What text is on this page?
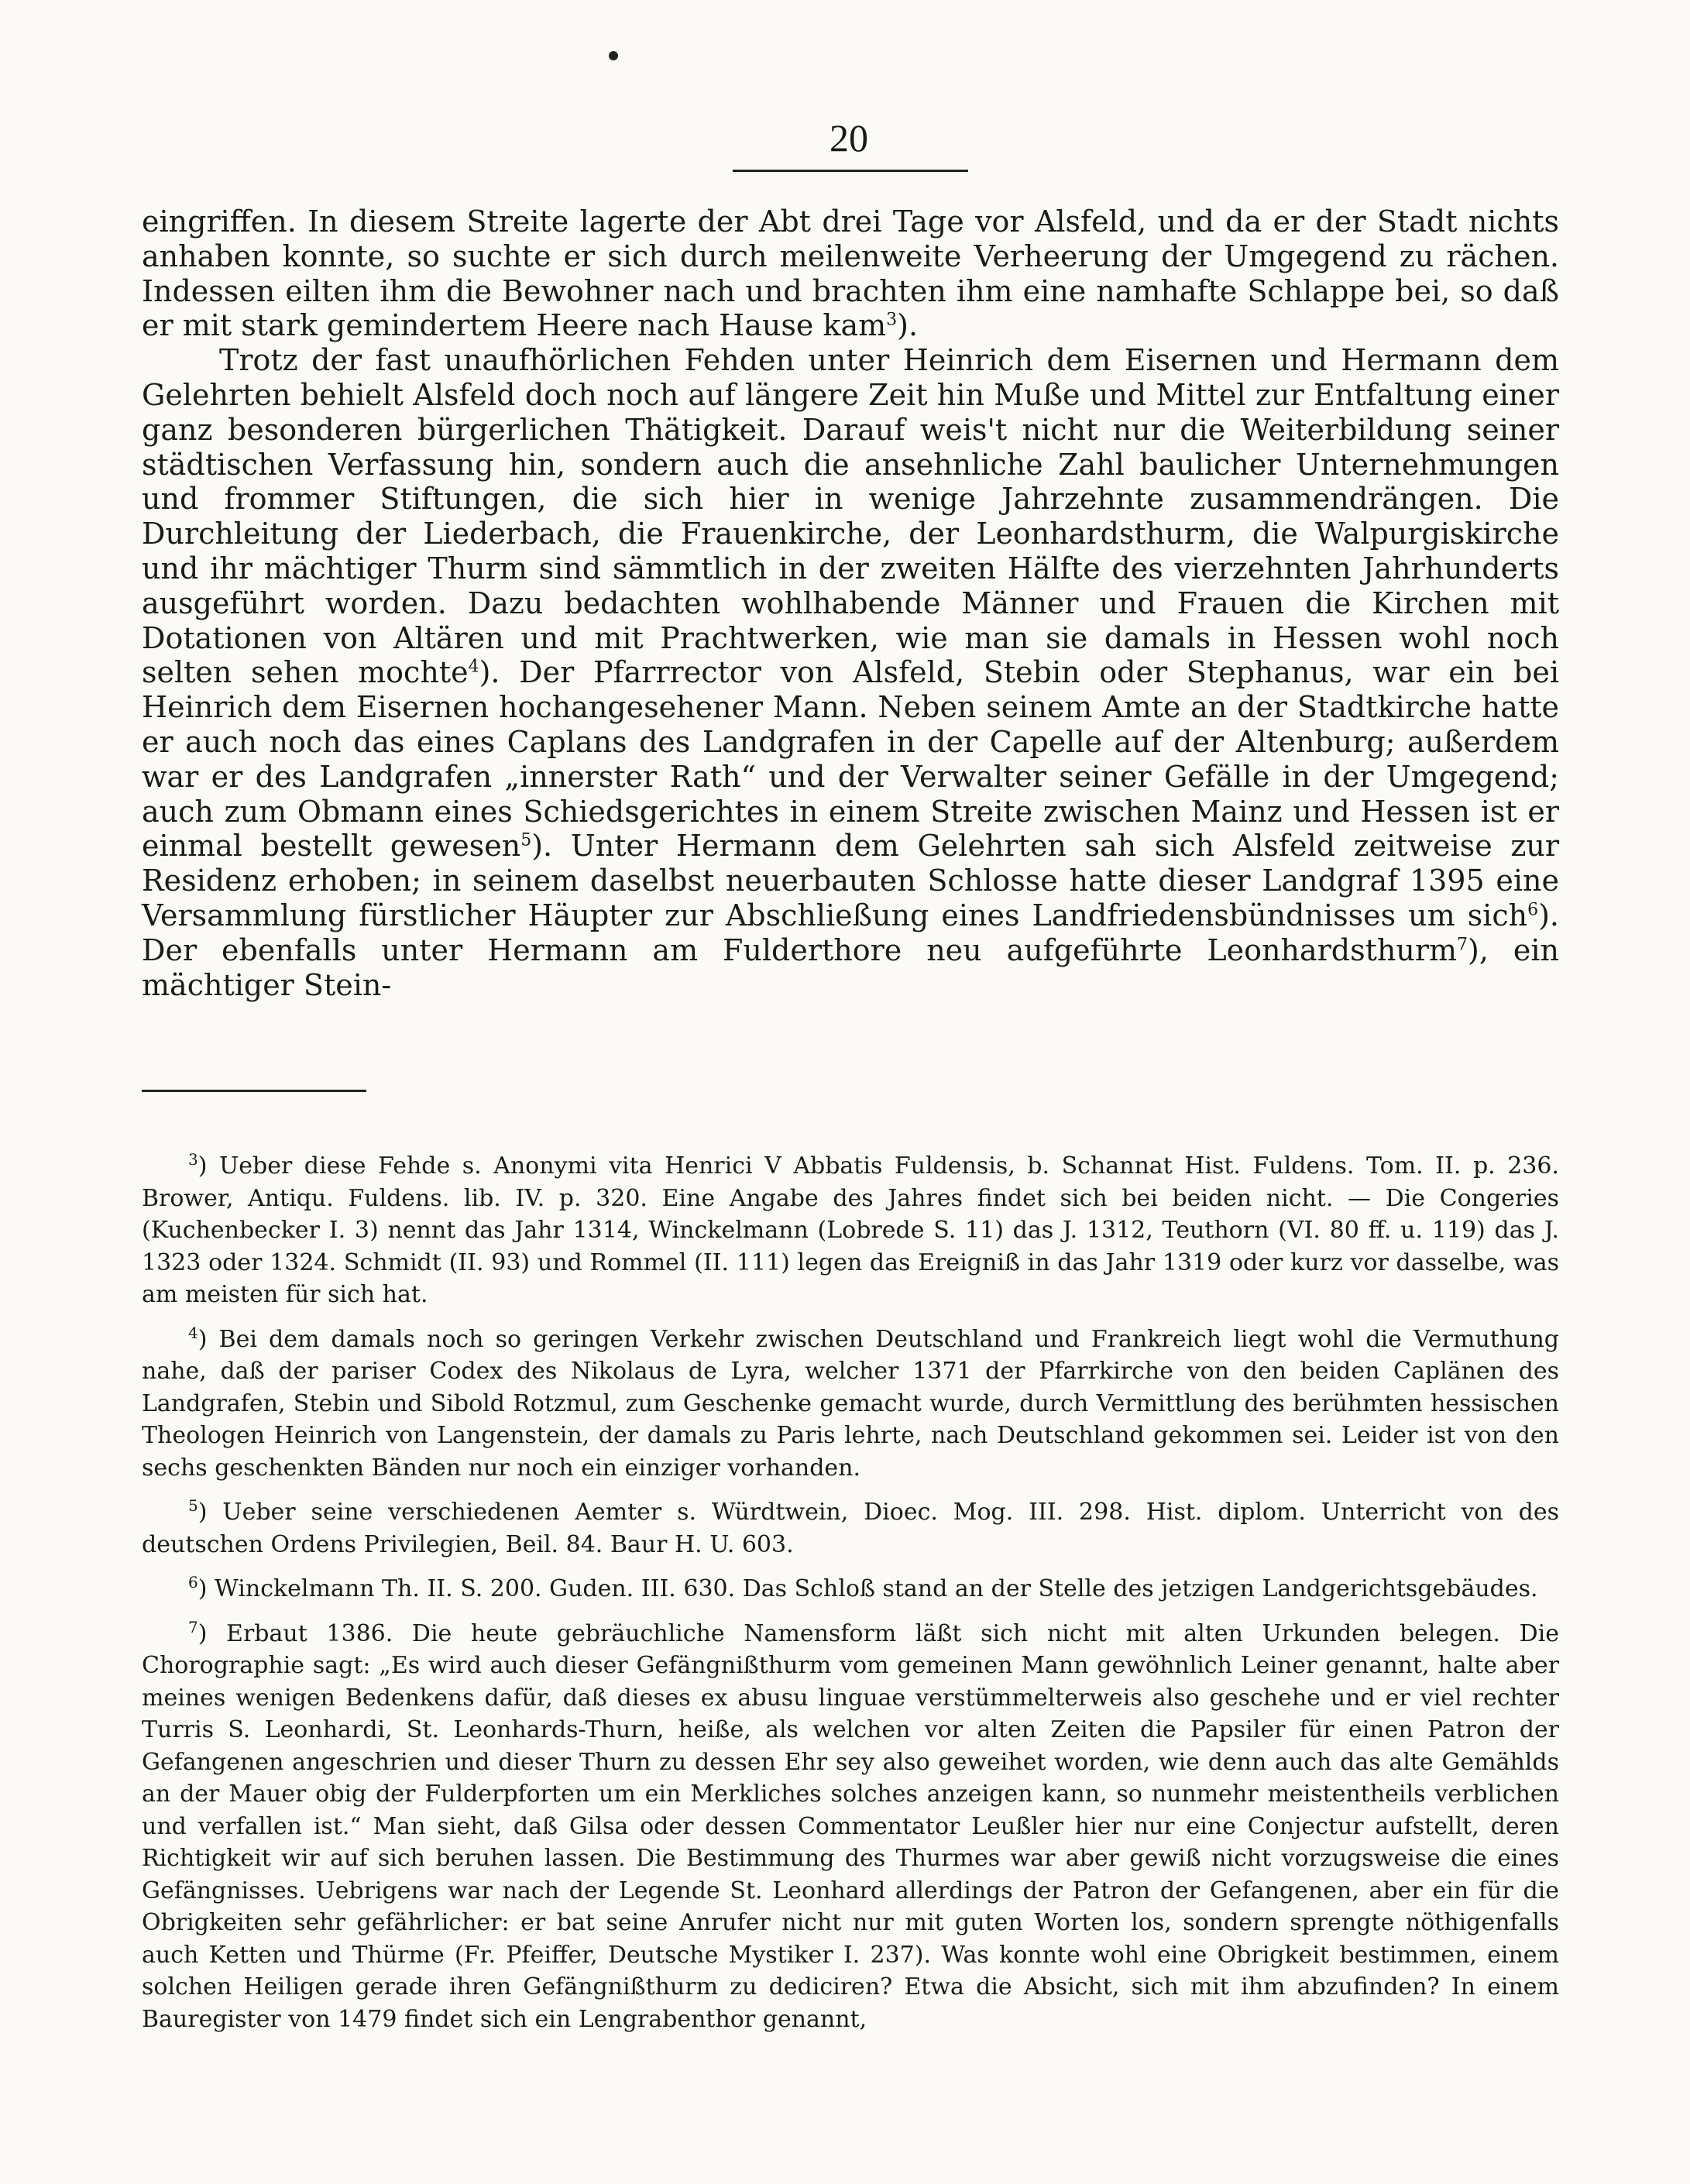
20

eingriffen. In diesem Streite lagerte der Abt drei Tage vor Alsfeld, und da er der Stadt nichts anhaben konnte, so suchte er sich durch meilenweite Verheerung der Umgegend zu rächen. Indessen eilten ihm die Bewohner nach und brachten ihm eine namhafte Schlappe bei, so daß er mit stark gemindertem Heere nach Hause kam$^3$).

Trotz der fast unaufhörlichen Fehden unter Heinrich dem Eisernen und Hermann dem Gelehrten behielt Alsfeld doch noch auf längere Zeit hin Muße und Mittel zur Entfaltung einer ganz besonderen bürgerlichen Thätigkeit. Darauf weis't nicht nur die Weiterbildung seiner städtischen Verfassung hin, sondern auch die ansehnliche Zahl baulicher Unternehmungen und frommer Stiftungen, die sich hier in wenige Jahrzehnte zusammendrängen. Die Durchleitung der Liederbach, die Frauenkirche, der Leonhardsthurm, die Walpurgiskirche und ihr mächtiger Thurm sind sämmtlich in der zweiten Hälfte des vierzehnten Jahrhunderts ausgeführt worden. Dazu bedachten wohlhabende Männer und Frauen die Kirchen mit Dotationen von Altären und mit Prachtwerken, wie man sie damals in Hessen wohl noch selten sehen mochte$^4$). Der Pfarrrector von Alsfeld, Stebin oder Stephanus, war ein bei Heinrich dem Eisernen hochangesehener Mann. Neben seinem Amte an der Stadtkirche hatte er auch noch das eines Caplans des Landgrafen in der Capelle auf der Altenburg; außerdem war er des Landgrafen „innerster Rath“ und der Verwalter seiner Gefälle in der Umgegend; auch zum Obmann eines Schiedsgerichtes in einem Streite zwischen Mainz und Hessen ist er einmal bestellt gewesen$^5$). Unter Hermann dem Gelehrten sah sich Alsfeld zeitweise zur Residenz erhoben; in seinem daselbst neuerbauten Schlosse hatte dieser Landgraf 1395 eine Versammlung fürstlicher Häupter zur Abschließung eines Landfriedensbündnisses um sich$^6$). Der ebenfalls unter Hermann am Fulderthore neu aufgeführte Leonhardsthurm$^7$), ein mächtiger Stein-

$^3$) Ueber diese Fehde s. Anonymi vita Henrici V Abbatis Fuldensis, b. Schannat Hist. Fuldens. Tom. II. p. 236. Brower, Antiqu. Fuldens. lib. IV. p. 320. Eine Angabe des Jahres findet sich bei beiden nicht. — Die Congeries (Kuchenbecker I. 3) nennt das Jahr 1314, Winckelmann (Lobrede S. 11) das J. 1312, Teuthorn (VI. 80 ff. u. 119) das J. 1323 oder 1324. Schmidt (II. 93) und Rommel (II. 111) legen das Ereigniß in das Jahr 1319 oder kurz vor dasselbe, was am meisten für sich hat.

$^4$) Bei dem damals noch so geringen Verkehr zwischen Deutschland und Frankreich liegt wohl die Vermuthung nahe, daß der pariser Codex des Nikolaus de Lyra, welcher 1371 der Pfarrkirche von den beiden Caplänen des Landgrafen, Stebin und Sibold Rotzmul, zum Geschenke gemacht wurde, durch Vermittlung des berühmten hessischen Theologen Heinrich von Langenstein, der damals zu Paris lehrte, nach Deutschland gekommen sei. Leider ist von den sechs geschenkten Bänden nur noch ein einziger vorhanden.

$^5$) Ueber seine verschiedenen Aemter s. Würdtwein, Dioec. Mog. III. 298. Hist. diplom. Unterricht von des deutschen Ordens Privilegien, Beil. 84. Baur H. U. 603.

$^6$) Winckelmann Th. II. S. 200. Guden. III. 630. Das Schloß stand an der Stelle des jetzigen Landgerichtsgebäudes.

$^7$) Erbaut 1386. Die heute gebräuchliche Namensform läßt sich nicht mit alten Urkunden belegen. Die Chorographie sagt: „Es wird auch dieser Gefängnißthurm vom gemeinen Mann gewöhnlich Leiner genannt, halte aber meines wenigen Bedenkens dafür, daß dieses ex abusu linguae verstümmelterweis also geschehe und er viel rechter Turris S. Leonhardi, St. Leonhards-Thurn, heiße, als welchen vor alten Zeiten die Papsiler für einen Patron der Gefangenen angeschrien und dieser Thurn zu dessen Ehr sey also geweihet worden, wie denn auch das alte Gemählds an der Mauer obig der Fulderpforten um ein Merkliches solches anzeigen kann, so nunmehr meistentheils verblichen und verfallen ist.“ Man sieht, daß Gilsa oder dessen Commentator Leußler hier nur eine Conjectur aufstellt, deren Richtigkeit wir auf sich beruhen lassen. Die Bestimmung des Thurmes war aber gewiß nicht vorzugsweise die eines Gefängnisses. Uebrigens war nach der Legende St. Leonhard allerdings der Patron der Gefangenen, aber ein für die Obrigkeiten sehr gefährlicher: er bat seine Anrufer nicht nur mit guten Worten los, sondern sprengte nöthigenfalls auch Ketten und Thürme (Fr. Pfeiffer, Deutsche Mystiker I. 237). Was konnte wohl eine Obrigkeit bestimmen, einem solchen Heiligen gerade ihren Gefängnißthurm zu dediciren? Etwa die Absicht, sich mit ihm abzufinden? In einem Bauregister von 1479 findet sich ein Lengrabenthor genannt,
